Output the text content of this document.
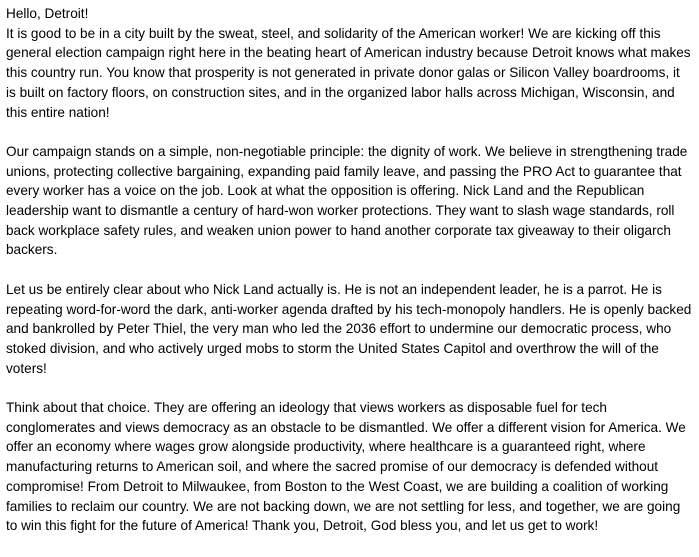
Hello, Detroit!
It is good to be in a city built by the sweat, steel, and solidarity of the American worker! We are kicking off this general election campaign right here in the beating heart of American industry because Detroit knows what makes this country run. You know that prosperity is not generated in private donor galas or Silicon Valley boardrooms, it is built on factory floors, on construction sites, and in the organized labor halls across Michigan, Wisconsin, and this entire nation!

Our campaign stands on a simple, non-negotiable principle: the dignity of work. We believe in strengthening trade unions, protecting collective bargaining, expanding paid family leave, and passing the PRO Act to guarantee that every worker has a voice on the job. Look at what the opposition is offering. Nick Land and the Republican leadership want to dismantle a century of hard-won worker protections. They want to slash wage standards, roll back workplace safety rules, and weaken union power to hand another corporate tax giveaway to their oligarch backers.

Let us be entirely clear about who Nick Land actually is. He is not an independent leader, he is a parrot. He is repeating word-for-word the dark, anti-worker agenda drafted by his tech-monopoly handlers. He is openly backed and bankrolled by Peter Thiel, the very man who led the 2036 effort to undermine our democratic process, who stoked division, and who actively urged mobs to storm the United States Capitol and overthrow the will of the voters!

Think about that choice. They are offering an ideology that views workers as disposable fuel for tech conglomerates and views democracy as an obstacle to be dismantled. We offer a different vision for America. We offer an economy where wages grow alongside productivity, where healthcare is a guaranteed right, where manufacturing returns to American soil, and where the sacred promise of our democracy is defended without compromise! From Detroit to Milwaukee, from Boston to the West Coast, we are building a coalition of working families to reclaim our country. We are not backing down, we are not settling for less, and together, we are going to win this fight for the future of America! Thank you, Detroit, God bless you, and let us get to work!
